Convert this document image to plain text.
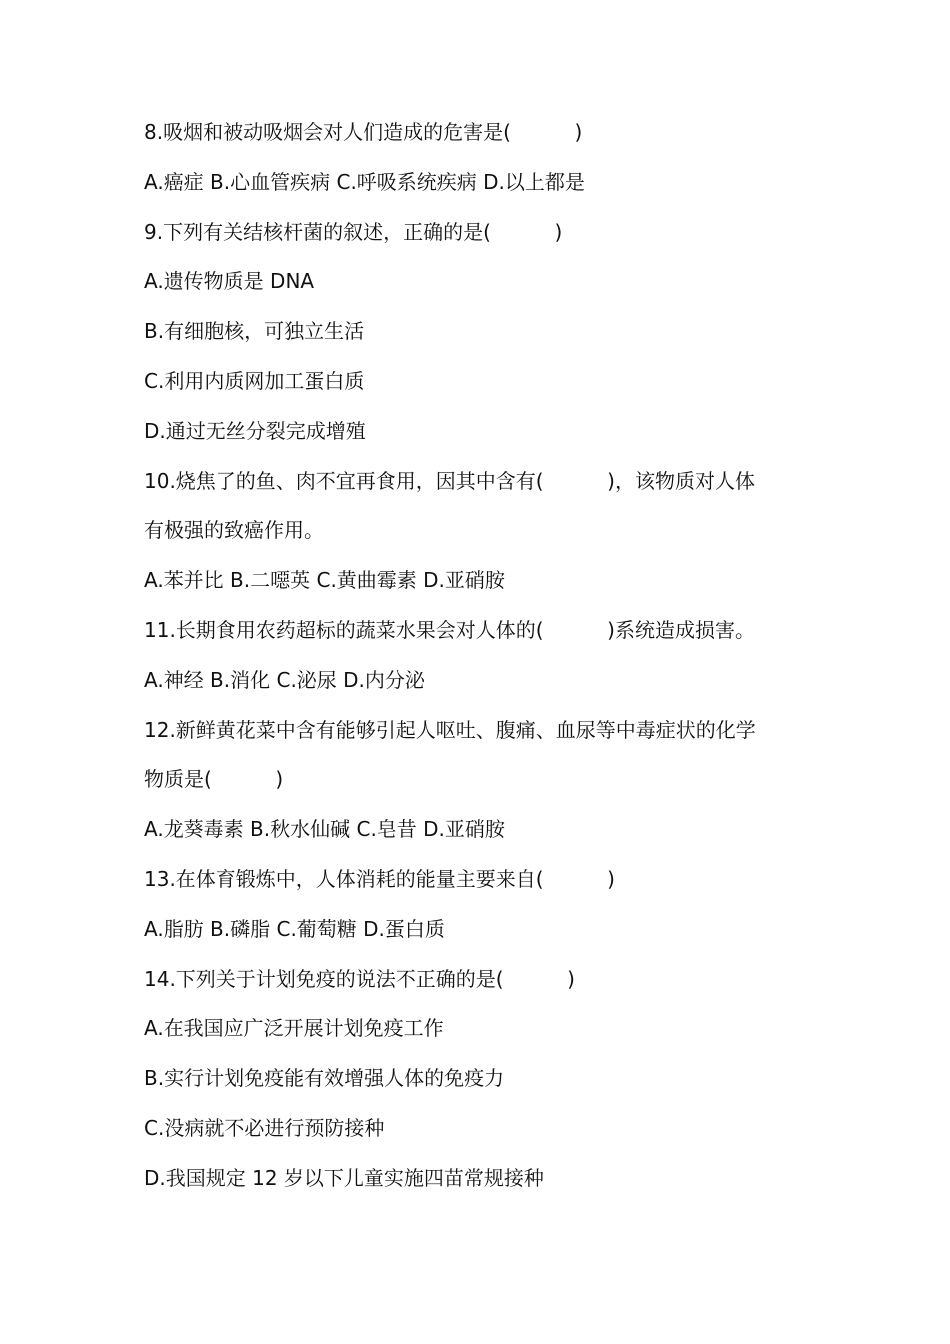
8.吸烟和被动吸烟会对人们造成的危害是(          )
A.癌症 B.心血管疾病 C.呼吸系统疾病 D.以上都是
9.下列有关结核杆菌的叙述，正确的是(          )
A.遗传物质是 DNA
B.有细胞核，可独立生活
C.利用内质网加工蛋白质
D.通过无丝分裂完成增殖
10.烧焦了的鱼、肉不宜再食用，因其中含有(          )，该物质对人体
有极强的致癌作用。
A.苯并比 B.二噁英 C.黄曲霉素 D.亚硝胺
11.长期食用农药超标的蔬菜水果会对人体的(          )系统造成损害。
A.神经 B.消化 C.泌尿 D.内分泌
12.新鲜黄花菜中含有能够引起人呕吐、腹痛、血尿等中毒症状的化学
物质是(          )
A.龙葵毒素 B.秋水仙碱 C.皂昔 D.亚硝胺
13.在体育锻炼中，人体消耗的能量主要来自(          )
A.脂肪 B.磷脂 C.葡萄糖 D.蛋白质
14.下列关于计划免疫的说法不正确的是(          )
A.在我国应广泛开展计划免疫工作
B.实行计划免疫能有效增强人体的免疫力
C.没病就不必进行预防接种
D.我国规定 12 岁以下儿童实施四苗常规接种
